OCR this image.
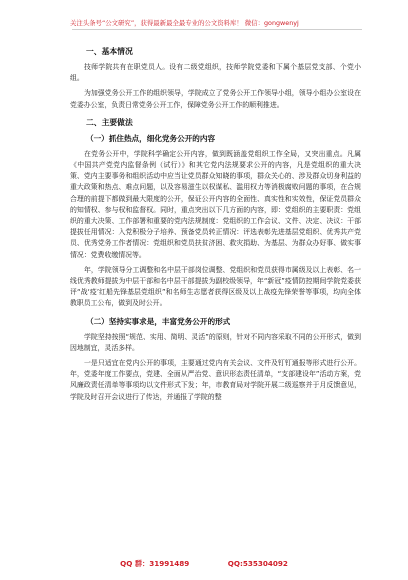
关注头条号“公文研究”，获得最新最全最专业的公文资料库！ 微信：gongwenyj
一、基本情况

技师学院共有在职党员人。设有二级党组织，技师学院党委和下属个基层党支部、个党小组。

为加强党务公开工作的组织领导，学院成立了党务公开工作领导小组，领导小组办公室设在党委办公室，负责日常党务公开工作，保障党务公开工作的顺利推进。

二、主要做法
（一）抓住热点，细化党务公开的内容

在党务公开中，学院科学确定公开内容，做到既涵盖党组织工作全局，又突出重点。凡属《中国共产党党内监督条例（试行）》和其它党内法规要求公开的内容，凡是党组织的重大决策、党内主要事务和组织活动中应当让党员群众知晓的事项，群众关心的、涉及群众切身利益的重大政策和热点、难点问题，以及容易滋生以权谋私、滥用权力等消极腐败问题的事项，在合规合理的前提下都做到最大限度的公开，保证公开内容的全面性、真实性和实效性，保证党员群众的知情权、参与权和监督权。同时，重点突出以下几方面的内容，即：党组织的主要职责：党组织的重大决策、工作部署和重要的党内法规制度：党组织的工作会议、文件、决定、决议：干部提拔任用情况：入党积极分子培养、预备党员转正情况：评选表彰先进基层党组织、优秀共产党员、优秀党务工作者情况：党组织和党员扶贫济困、救灾捐助、为基层、为群众办好事、做实事情况：党费收缴情况等。

年，学院领导分工调整和名中层干部岗位调整、党组织和党员获得市属级及以上表彰、名一线优秀教师提拔为中层干部和名中层干部提拔为副校级领导，年“新冠”疫情防控期间学院党委获评“战‘疫’红船先锋基层党组织”和名师生志愿者获得区级及以上战疫先锋荣誉等事项，均向全体教职员工公布，做到及时公开。

（二）坚持实事求是，丰富党务公开的形式

学院坚持按照“规范、实用、简明、灵活”的原则，针对不同内容采取不同的公开形式，做到因地制宜，灵活多样。

一是只适宜在党内公开的事项，主要通过党内有关会议、文件及钉钉通报等形式进行公开。年，党委年度工作要点，党建、全面从严治党、意识形态责任清单，“支部建设年”活动方案，党风廉政责任清单等事项均以文件形式下发；年，市教育局对学院开展二级巡察并于月反馈意见，学院及时召开会议进行了传达，并通报了学院的整

QQ 群：31991489	QQ:535304092
